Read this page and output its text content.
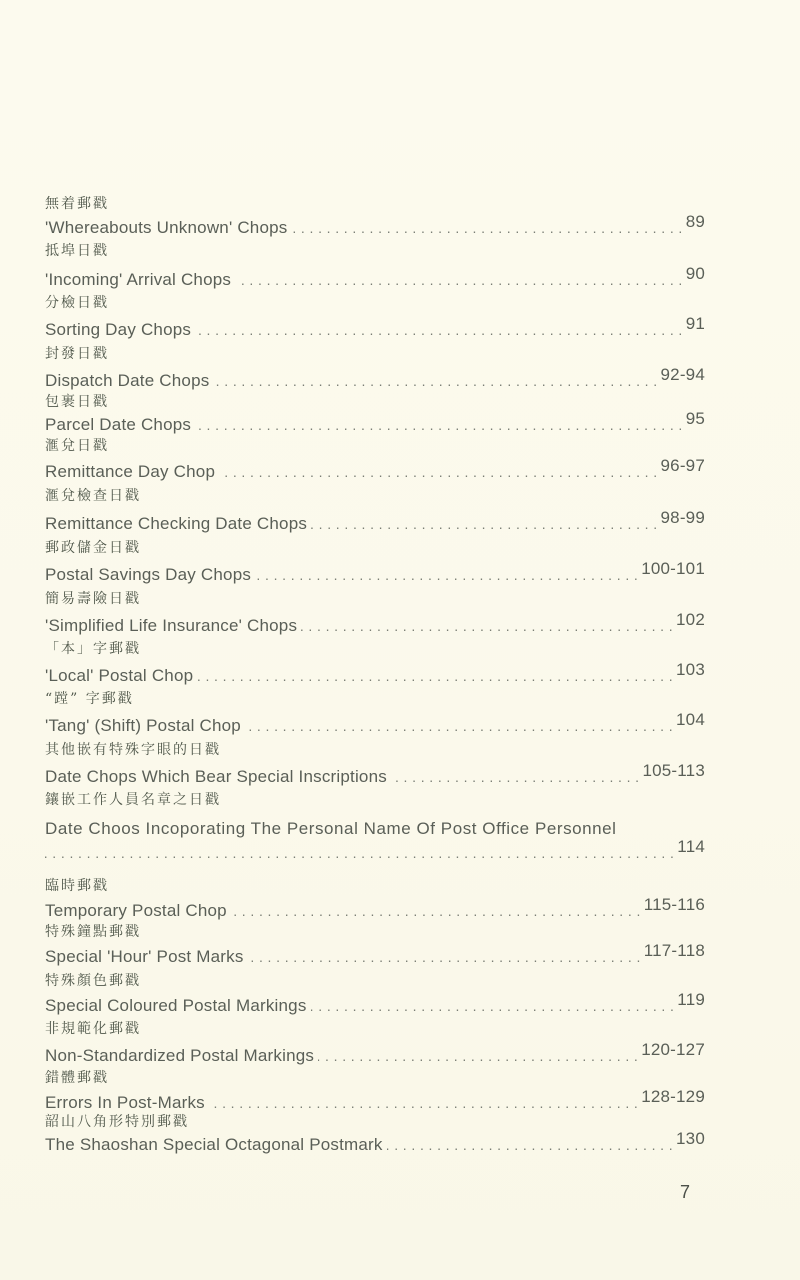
無着郵戳
'Whereabouts Unknown' Chops . . .	89
抵埠日戳
'Incoming' Arrival Chops . . .	90
分檢日戳
Sorting Day Chops . . .	91
封發日戳
Dispatch Date Chops . . .	92-94
包裹日戳
Parcel Date Chops . . .	95
滙兌日戳
Remittance Day Chop . . .	96-97
滙兌檢查日戳
Remittance Checking Date Chops . . .	98-99
郵政儲金日戳
Postal Savings Day Chops . . .	100-101
簡易壽險日戳
'Simplified Life Insurance' Chops . . .	102
「本」字郵戳
'Local' Postal Chop . . .	103
“蹚” 字郵戳
'Tang' (Shift) Postal Chop . . .	104
其他嵌有特殊字眼的日戳
Date Chops Which Bear Special Inscriptions . . .	105-113
鑲嵌工作人員名章之日戳
Date Choos Incoporating The Personal Name Of Post Office Personnel
. . .
114
臨時郵戳
Temporary Postal Chop . . .	115-116
特殊鐘點郵戳
Special 'Hour' Post Marks . . .	117-118
特殊顏色郵戳
Special Coloured Postal Markings . . .	119
非規範化郵戳
Non-Standardized Postal Markings . . .	120-127
錯體郵戳
Errors In Post-Marks . . .	128-129
韶山八角形特別郵戳
The Shaoshan Special Octagonal Postmark . . .	130
7
